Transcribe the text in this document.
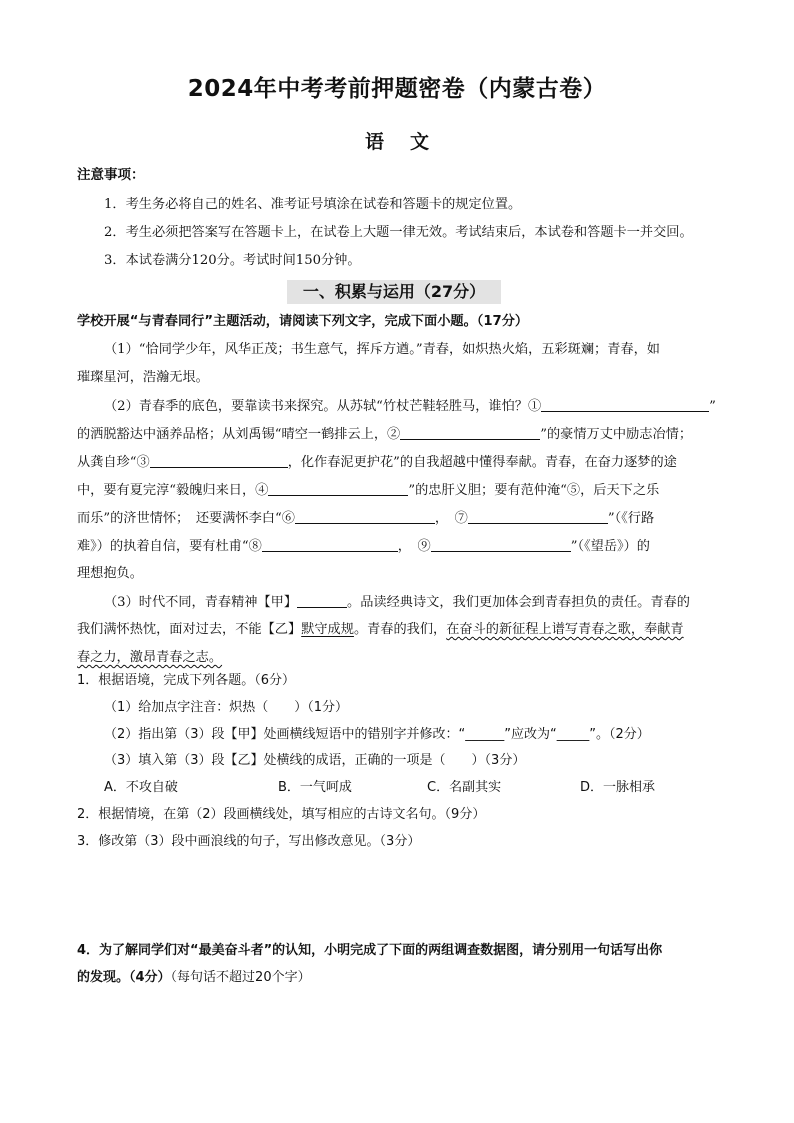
2024年中考考前押题密卷（内蒙古卷）
语 文
注意事项：
1．考生务必将自己的姓名、准考证号填涂在试卷和答题卡的规定位置。
2．考生必须把答案写在答题卡上，在试卷上大题一律无效。考试结束后，本试卷和答题卡一并交回。
3．本试卷满分120分。考试时间150分钟。
一、积累与运用（27分）
学校开展“与青春同行”主题活动，请阅读下列文字，完成下面小题。（17分）
（1）“恰同学少年，风华正茂；书生意气，挥斥方遒。”青春，如炽热火焰，五彩斑斓；青春，如
璀璨星河，浩瀚无垠。
（2）青春季的底色，要靠读书来探究。从苏轼“竹杖芒鞋轻胜马，谁怕？①	”
的洒脱豁达中涵养品格；从刘禹锡“晴空一鹤排云上，②	”的豪情万丈中励志冶情；
从龚自珍“③	，化作春泥更护花”的自我超越中懂得奉献。青春，在奋力逐梦的途
中，要有夏完淳“毅魄归来日，④	”的忠肝义胆；要有范仲淹“⑤，后天下之乐
而乐”的济世情怀；　还要满怀李白“⑥	，　⑦	”（《行路
难》）的执着自信，要有杜甫“⑧	，　⑨	”（《望岳》）的
理想抱负。
（3）时代不同，青春精神【甲】	。品读经典诗文，我们更加体会到青春担负的责任。青春的
我们满怀热忱，面对过去，不能【乙】默守成规。青春的我们，在奋斗的新征程上谱写青春之歌，奉献青
春之力，激昂青春之志。
1．根据语境，完成下列各题。（6分）
（1）给加点字注音：炽热（　　）（1分）
（2）指出第（3）段【甲】处画横线短语中的错别字并修改：“______”应改为“_____”。（2分）
（3）填入第（3）段【乙】处横线的成语，正确的一项是（　　）（3分）
A．不攻自破	B．一气呵成	C．名副其实	D．一脉相承
2．根据情境，在第（2）段画横线处，填写相应的古诗文名句。（9分）
3．修改第（3）段中画浪线的句子，写出修改意见。（3分）
4．为了解同学们对“最美奋斗者”的认知，小明完成了下面的两组调查数据图，请分别用一句话写出你
的发现。（4分）（每句话不超过20个字）
